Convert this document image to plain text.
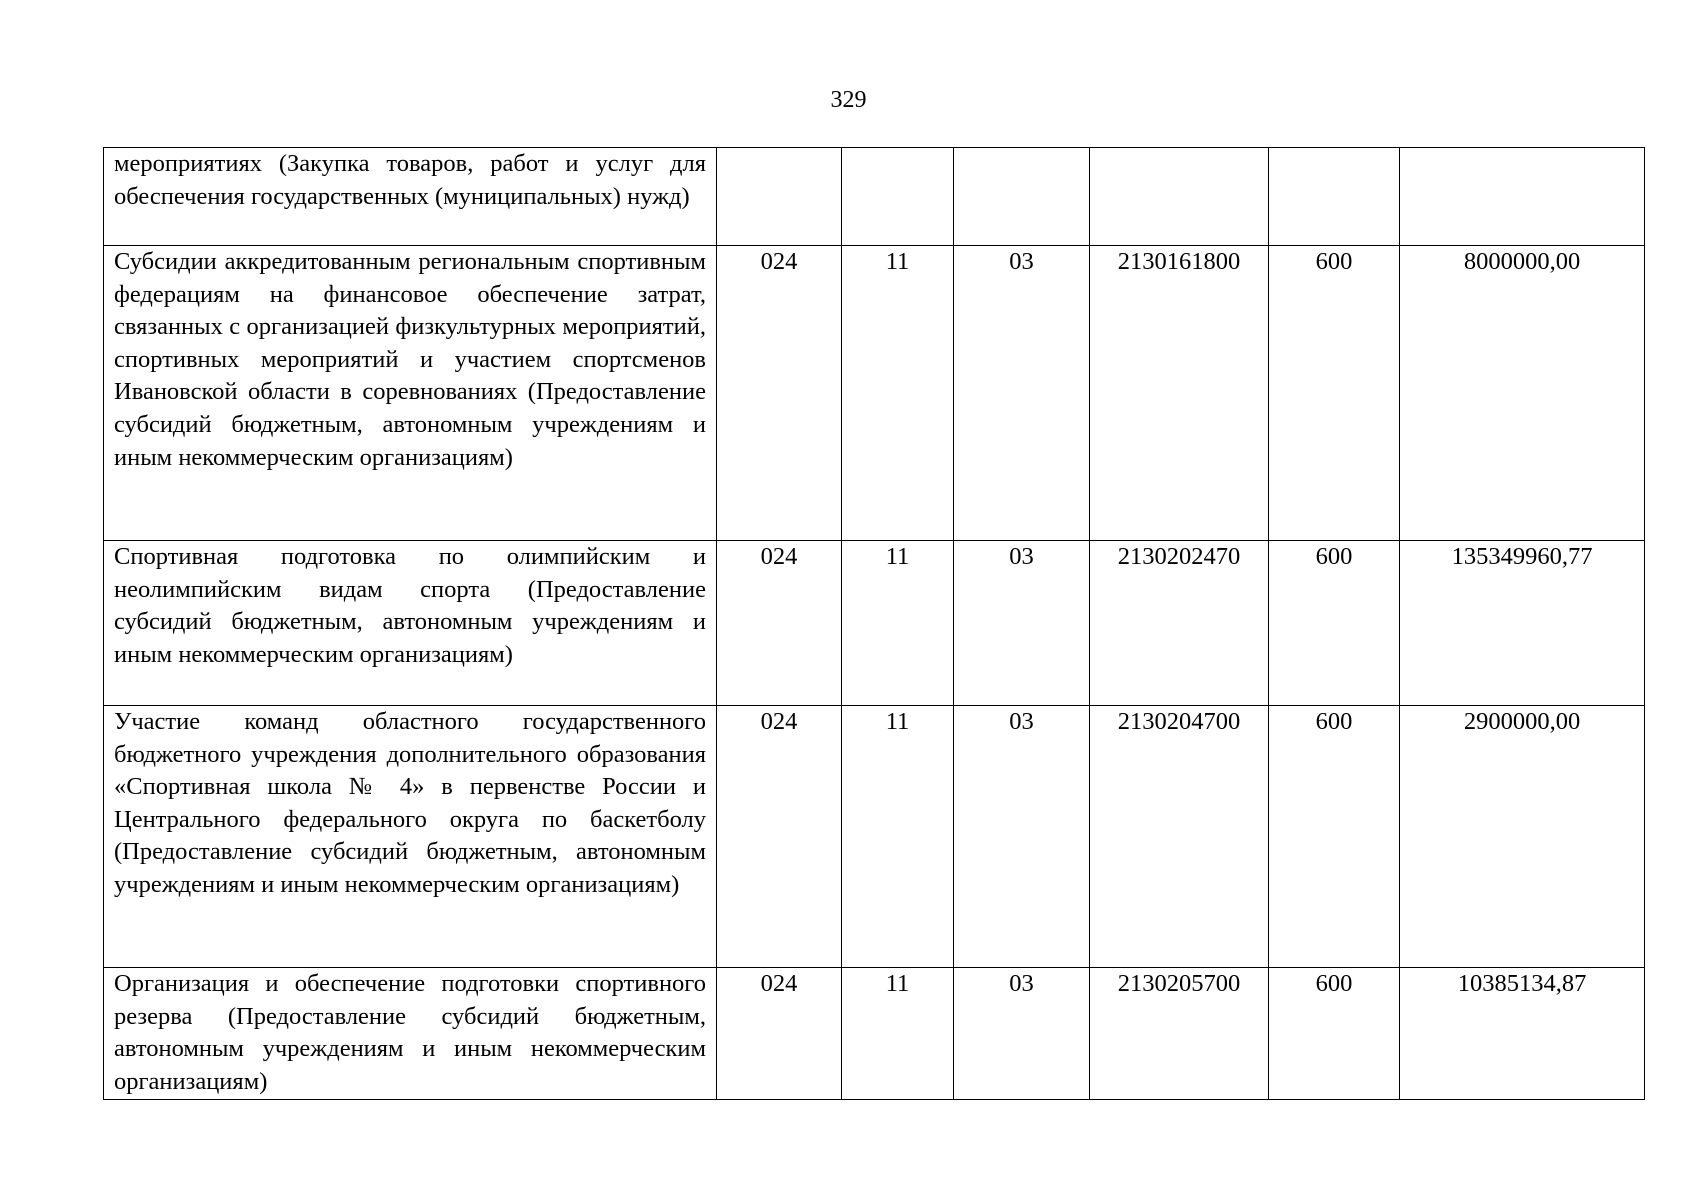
329
мероприятиях (Закупка товаров, работ и услуг для обеспечения государственных (муниципальных) нужд)						
Субсидии аккредитованным региональным спортивным федерациям на финансовое обеспечение затрат, связанных с организацией физкультурных мероприятий, спортивных мероприятий и участием спортсменов Ивановской области в соревнованиях (Предоставление субсидий бюджетным, автономным учреждениям и иным некоммерческим организациям)	024	11	03	2130161800	600	8000000,00
Спортивная подготовка по олимпийским и неолимпийским видам спорта (Предоставление субсидий бюджетным, автономным учреждениям и иным некоммерческим организациям)	024	11	03	2130202470	600	135349960,77
Участие команд областного государственного бюджетного учреждения дополнительного образования «Спортивная школа № 4» в первенстве России и Центрального федерального округа по баскетболу (Предоставление субсидий бюджетным, автономным учреждениям и иным некоммерческим организациям)	024	11	03	2130204700	600	2900000,00
Организация и обеспечение подготовки спортивного резерва (Предоставление субсидий бюджетным, автономным учреждениям и иным некоммерческим организациям)	024	11	03	2130205700	600	10385134,87
